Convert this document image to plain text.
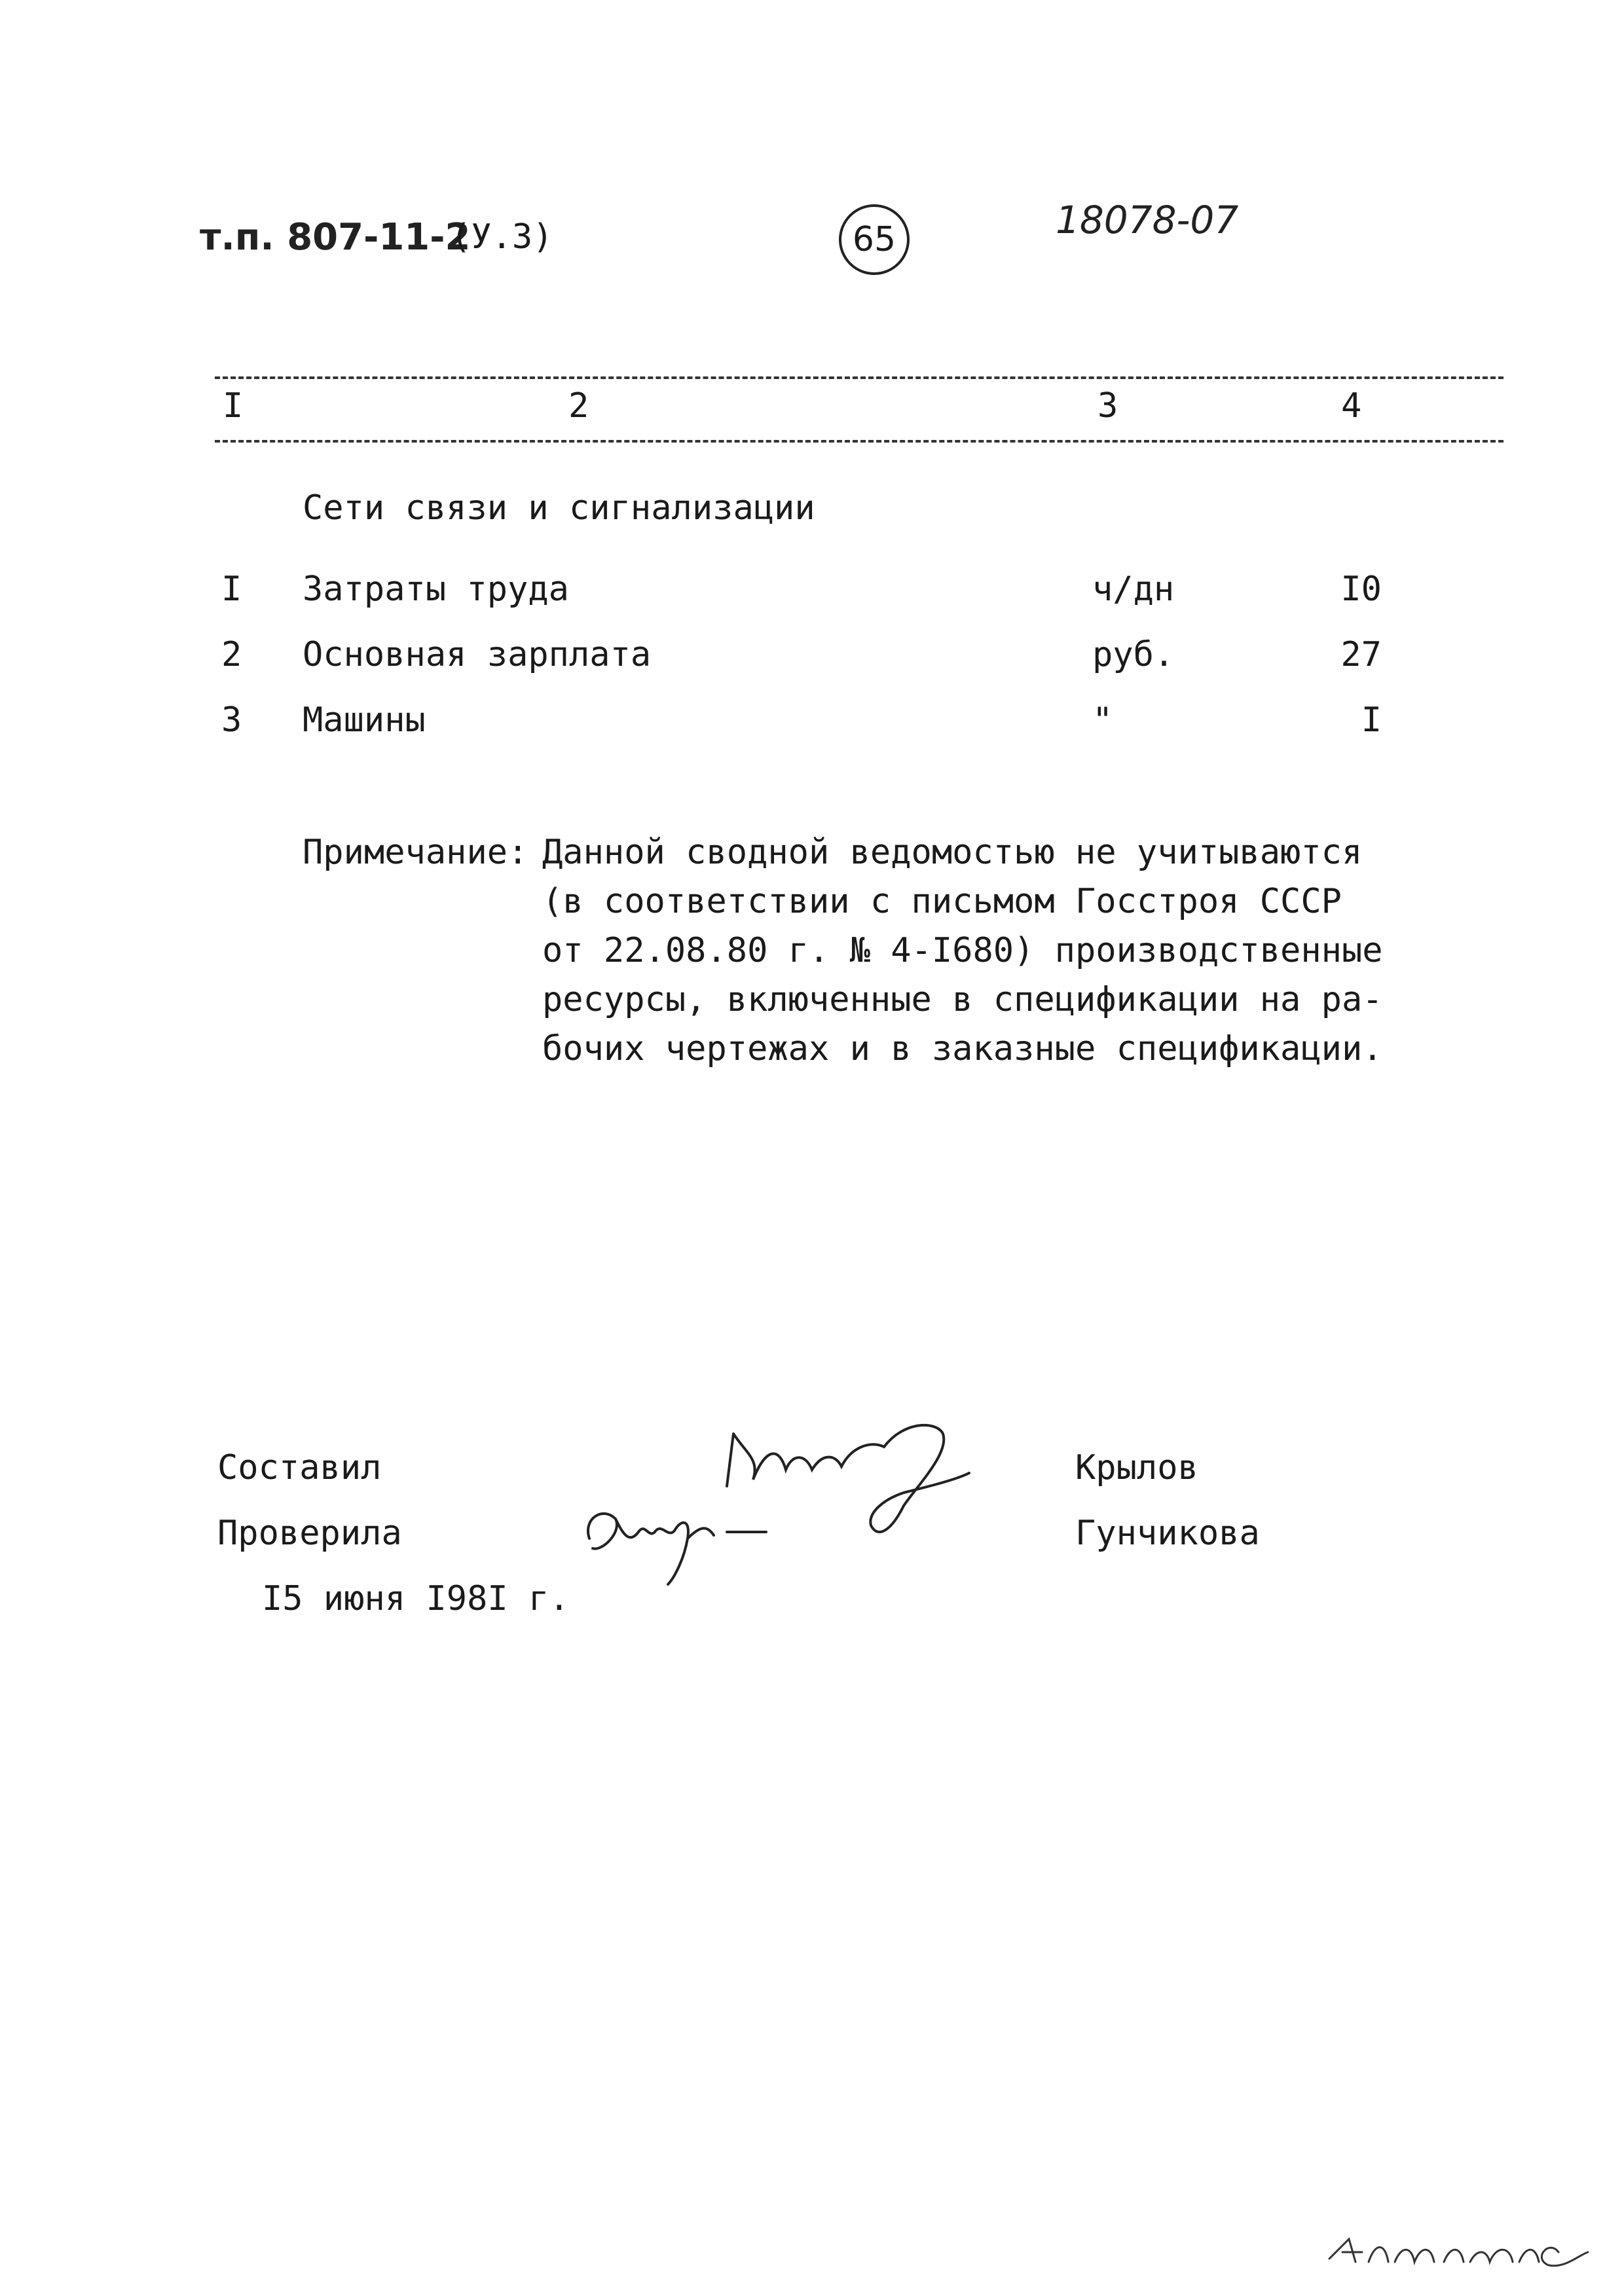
т.п. 807-11-2
(У.3)	65	18078-07
I	2	3	4
Сети связи и сигнализации
I Затраты труда	ч/дн	I0
2 Основная зарплата	руб.	27
3 Машины	"	I
Примечание: Данной сводной ведомостью не учитываются
(в соответствии с письмом Госстроя СССР
от 22.08.80 г. № 4-I680) производственные
ресурсы, включенные в спецификации на ра-
бочих чертежах и в заказные спецификации.
Составил	Крылов
Проверила	Гунчикова
I5 июня I98I г.
